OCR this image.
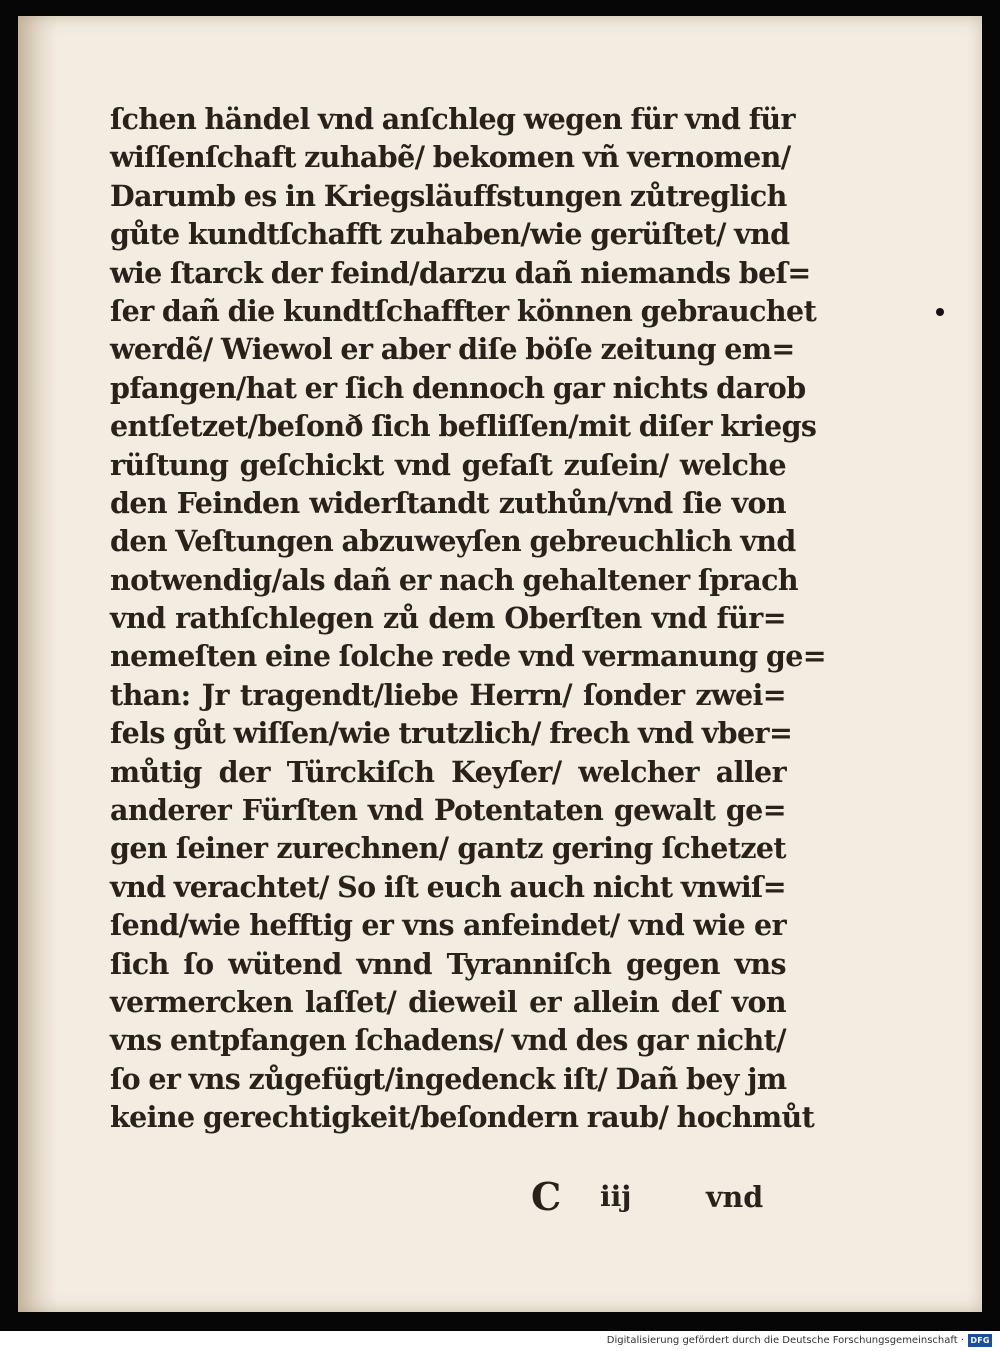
ſchen händel vnd anſchleg wegen für vnd für
wiſſenſchaft zuhabẽ/ bekomen vñ vernomen/
Darumb es in Kriegsläuffstungen zůtreglich
gůte kundtſchafft zuhaben/wie gerüſtet/ vnd
wie ſtarck der feind/darzu dañ niemands beſ=
ſer dañ die kundtſchaffter können gebrauchet
werdẽ/ Wiewol er aber diſe böſe zeitung em=
pfangen/hat er ſich dennoch gar nichts darob
entſetzet/beſonð ſich befliſſen/mit diſer kriegs
rüſtung geſchickt vnd gefaſt zuſein/ welche
den Feinden widerſtandt zuthůn/vnd ſie von
den Veſtungen abzuweyſen gebreuchlich vnd
notwendig/als dañ er nach gehaltener ſprach
vnd rathſchlegen zů dem Oberſten vnd für=
nemeſten eine ſolche rede vnd vermanung ge=
than: Jr tragendt/liebe Herrn/ ſonder zwei=
fels gůt wiſſen/wie trutzlich/ frech vnd vber=
můtig der Türckiſch Keyſer/ welcher aller
anderer Fürſten vnd Potentaten gewalt ge=
gen ſeiner zurechnen/ gantz gering ſchetzet
vnd verachtet/ So iſt euch auch nicht vnwiſ=
ſend/wie hefftig er vns anfeindet/ vnd wie er
ſich ſo wütend vnnd Tyranniſch gegen vns
vermercken laſſet/ dieweil er allein deſ von
vns entpfangen ſchadens/ vnd des gar nicht/
ſo er vns zůgefügt/ingedenck iſt/ Dañ bey jm
keine gerechtigkeit/beſondern raub/ hochmůt
C iij	vnd
Digitalisierung gefördert durch die Deutsche Forschungsgemeinschaft · DFG
